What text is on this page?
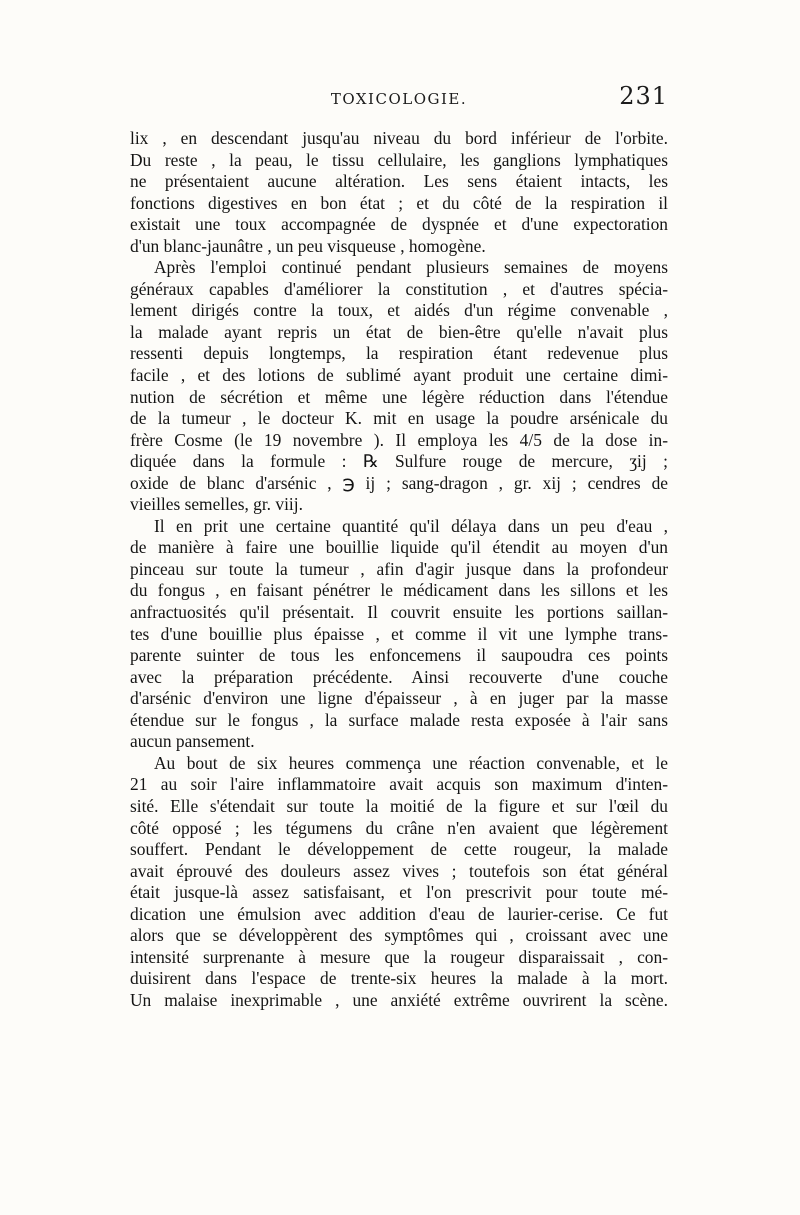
TOXICOLOGIE.	231
lix , en descendant jusqu'au niveau du bord inférieur de l'orbite.
Du reste , la peau, le tissu cellulaire, les ganglions lymphatiques
ne présentaient aucune altération. Les sens étaient intacts, les
fonctions digestives en bon état ; et du côté de la respiration il
existait une toux accompagnée de dyspnée et d'une expectoration
d'un blanc-jaunâtre , un peu visqueuse , homogène.
Après l'emploi continué pendant plusieurs semaines de moyens
généraux capables d'améliorer la constitution , et d'autres spécia-
lement dirigés contre la toux, et aidés d'un régime convenable ,
la malade ayant repris un état de bien-être qu'elle n'avait plus
ressenti depuis longtemps, la respiration étant redevenue plus
facile , et des lotions de sublimé ayant produit une certaine dimi-
nution de sécrétion et même une légère réduction dans l'étendue
de la tumeur , le docteur K. mit en usage la poudre arsénicale du
frère Cosme (le 19 novembre ). Il employa les 4/5 de la dose in-
diquée dans la formule : ℞ Sulfure rouge de mercure, ʒij ;
oxide de blanc d'arsénic , ℈ ij ; sang-dragon , gr. xij ; cendres de
vieilles semelles, gr. viij.
Il en prit une certaine quantité qu'il délaya dans un peu d'eau ,
de manière à faire une bouillie liquide qu'il étendit au moyen d'un
pinceau sur toute la tumeur , afin d'agir jusque dans la profondeur
du fongus , en faisant pénétrer le médicament dans les sillons et les
anfractuosités qu'il présentait. Il couvrit ensuite les portions saillan-
tes d'une bouillie plus épaisse , et comme il vit une lymphe trans-
parente suinter de tous les enfoncemens il saupoudra ces points
avec la préparation précédente. Ainsi recouverte d'une couche
d'arsénic d'environ une ligne d'épaisseur , à en juger par la masse
étendue sur le fongus , la surface malade resta exposée à l'air sans
aucun pansement.
Au bout de six heures commença une réaction convenable, et le
21 au soir l'aire inflammatoire avait acquis son maximum d'inten-
sité. Elle s'étendait sur toute la moitié de la figure et sur l'œil du
côté opposé ; les tégumens du crâne n'en avaient que légèrement
souffert. Pendant le développement de cette rougeur, la malade
avait éprouvé des douleurs assez vives ; toutefois son état général
était jusque-là assez satisfaisant, et l'on prescrivit pour toute mé-
dication une émulsion avec addition d'eau de laurier-cerise. Ce fut
alors que se développèrent des symptômes qui , croissant avec une
intensité surprenante à mesure que la rougeur disparaissait , con-
duisirent dans l'espace de trente-six heures la malade à la mort.
Un malaise inexprimable , une anxiété extrême ouvrirent la scène.
